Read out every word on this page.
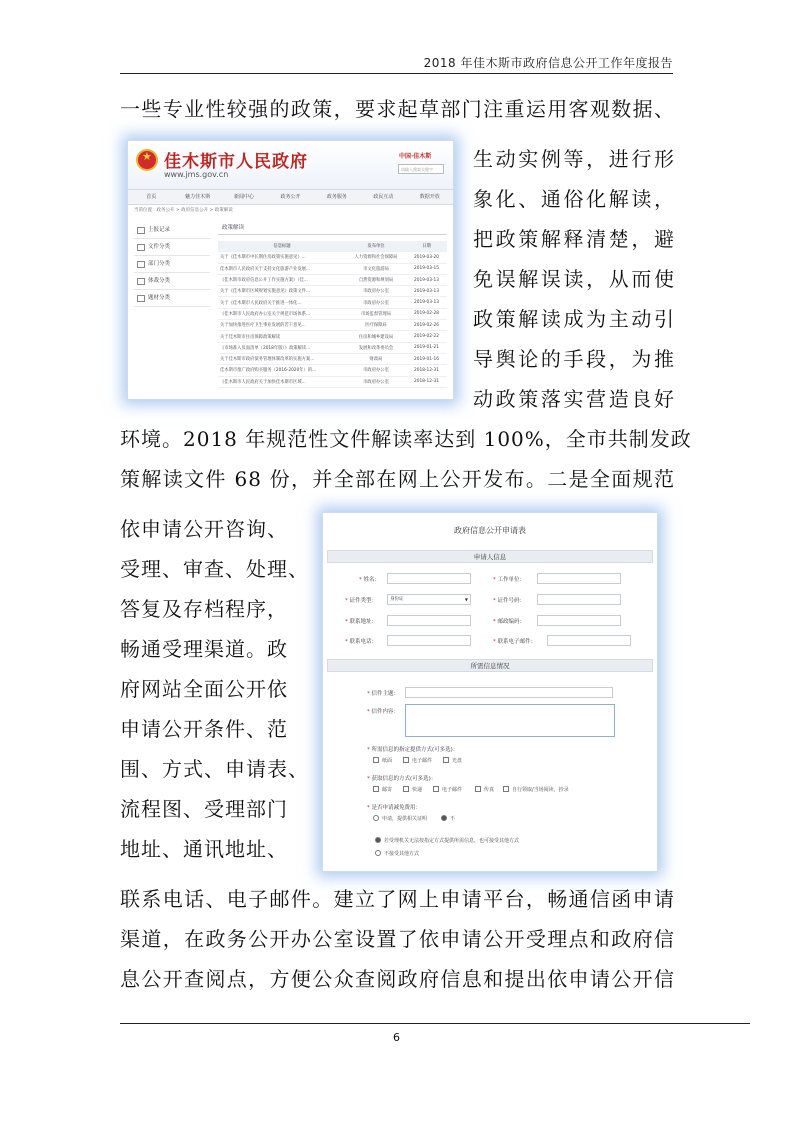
2018 年佳木斯市政府信息公开工作年度报告
一些专业性较强的政策，要求起草部门注重运用客观数据、
生动实例等，进行形
象化、通俗化解读，
把政策解释清楚，避
免误解误读，从而使
政策解读成为主动引
导舆论的手段，为推
动政策落实营造良好
环境。2018 年规范性文件解读率达到 100%，全市共制发政
策解读文件 68 份，并全部在网上公开发布。二是全面规范
依申请公开咨询、
受理、审查、处理、
答复及存档程序，
畅通受理渠道。政
府网站全面公开依
申请公开条件、范
围、方式、申请表、
流程图、受理部门
地址、通讯地址、
联系电话、电子邮件。建立了网上申请平台，畅通信函申请
渠道，在政务公开办公室设置了依申请公开受理点和政府信
息公开查阅点，方便公众查阅政府信息和提出依申请公开信
★
佳木斯市人民政府
www.jms.gov.cn
中国·佳木斯
请输入搜索关键字
首页	魅力佳木斯	新闻中心	政务公开	政务服务	政民互动	数据开放
当前位置：政务公开 > 政府信息公开 > 政策解读
上报记录
文件分类
部门分类
体裁分类
题材分类
政策解读
信息标题	发布单位	日期
关于《佳木斯市中长期住房政策实施意见》...	人力资源和社会保障局	2019-03-20
佳木斯市人民政府关于支持文化旅游产业发展...	市文化旅游局	2019-03-15
《佳木斯市政府信息公开工作实施方案》（佳...	自然资源和规划局	2019-03-13
关于《佳木斯市区域规划实施意见》政策文件...	市政府办公室	2019-03-13
关于《佳木斯市人民政府关于推进一体化...	市政府办公室	2019-03-13
《佳木斯市人民政府办公室关于规范市场体系...	市场监督管理局	2019-02-28
关于加快推进医疗卫生事业发展的若干意见...	医疗保障局	2019-02-26
关于佳木斯市住房保障政策解读	住房和城乡建设局	2019-02-22
《市场准入负面清单（2018年版）》政策解读...	发展和改革委员会	2019-01-21
关于佳木斯市政府债务管理体制改革的实施方案...	财政局	2019-01-16
佳木斯市推广政府购买服务（2016-2020年）的...	市政府办公室	2018-12-31
《佳木斯市人民政府关于加快佳木斯市区域...	市政府办公室	2018-12-31
政府信息公开申请表
申请人信息
* 姓名：	* 工作单位：
* 证件类型：	身份证	▼	* 证件号码：
* 联系地址：	* 邮政编码：
* 联系电话：	* 联系电子邮件：
所需信息情况
* 信件主题：
* 信件内容：
* 所需信息的指定提供方式(可多选)：
纸面	电子邮件	光盘
* 获取信息的方式(可多选)：
邮寄	快递	电子邮件	传真	自行领取/当场阅读，抄录
* 是否申请减免费用：
申请，提供相关证明	不
若受理机关无法按指定方式提供所需信息，也可接受其他方式
不接受其他方式
6
